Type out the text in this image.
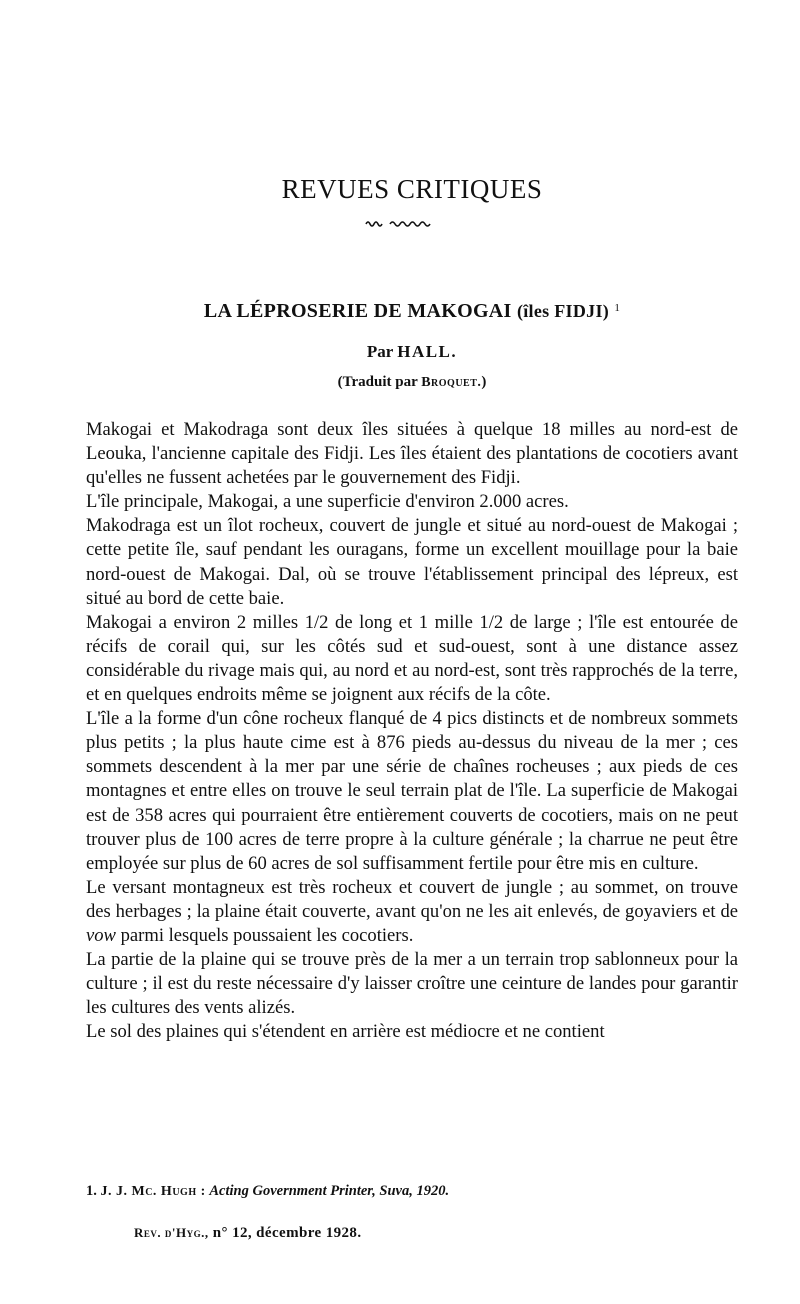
REVUES CRITIQUES
LA LÉPROSERIE DE MAKOGAI (îles FIDJI) $^1$
Par HALL.
(Traduit par Broquet.)

Makogai et Makodraga sont deux îles situées à quelque 18 milles au nord-est de Leouka, l'ancienne capitale des Fidji. Les îles étaient des plantations de cocotiers avant qu'elles ne fussent achetées par le gouvernement des Fidji.

L'île principale, Makogai, a une superficie d'environ 2.000 acres.

Makodraga est un îlot rocheux, couvert de jungle et situé au nord-ouest de Makogai ; cette petite île, sauf pendant les ouragans, forme un excellent mouillage pour la baie nord-ouest de Makogai. Dal, où se trouve l'établissement principal des lépreux, est situé au bord de cette baie.

Makogai a environ 2 milles 1/2 de long et 1 mille 1/2 de large ; l'île est entourée de récifs de corail qui, sur les côtés sud et sud-ouest, sont à une distance assez considérable du rivage mais qui, au nord et au nord-est, sont très rapprochés de la terre, et en quelques endroits même se joignent aux récifs de la côte.

L'île a la forme d'un cône rocheux flanqué de 4 pics distincts et de nombreux sommets plus petits ; la plus haute cime est à 876 pieds au-dessus du niveau de la mer ; ces sommets descendent à la mer par une série de chaînes rocheuses ; aux pieds de ces montagnes et entre elles on trouve le seul terrain plat de l'île. La superficie de Makogai est de 358 acres qui pourraient être entièrement couverts de cocotiers, mais on ne peut trouver plus de 100 acres de terre propre à la culture générale ; la charrue ne peut être employée sur plus de 60 acres de sol suffisamment fertile pour être mis en culture.

Le versant montagneux est très rocheux et couvert de jungle ; au sommet, on trouve des herbages ; la plaine était couverte, avant qu'on ne les ait enlevés, de goyaviers et de vow parmi lesquels poussaient les cocotiers.

La partie de la plaine qui se trouve près de la mer a un terrain trop sablonneux pour la culture ; il est du reste nécessaire d'y laisser croître une ceinture de landes pour garantir les cultures des vents alizés.

Le sol des plaines qui s'étendent en arrière est médiocre et ne contient

1. J. J. Mc. Hugh : Acting Government Printer, Suva, 1920.
Rev. d'Hyg., n° 12, décembre 1928.
